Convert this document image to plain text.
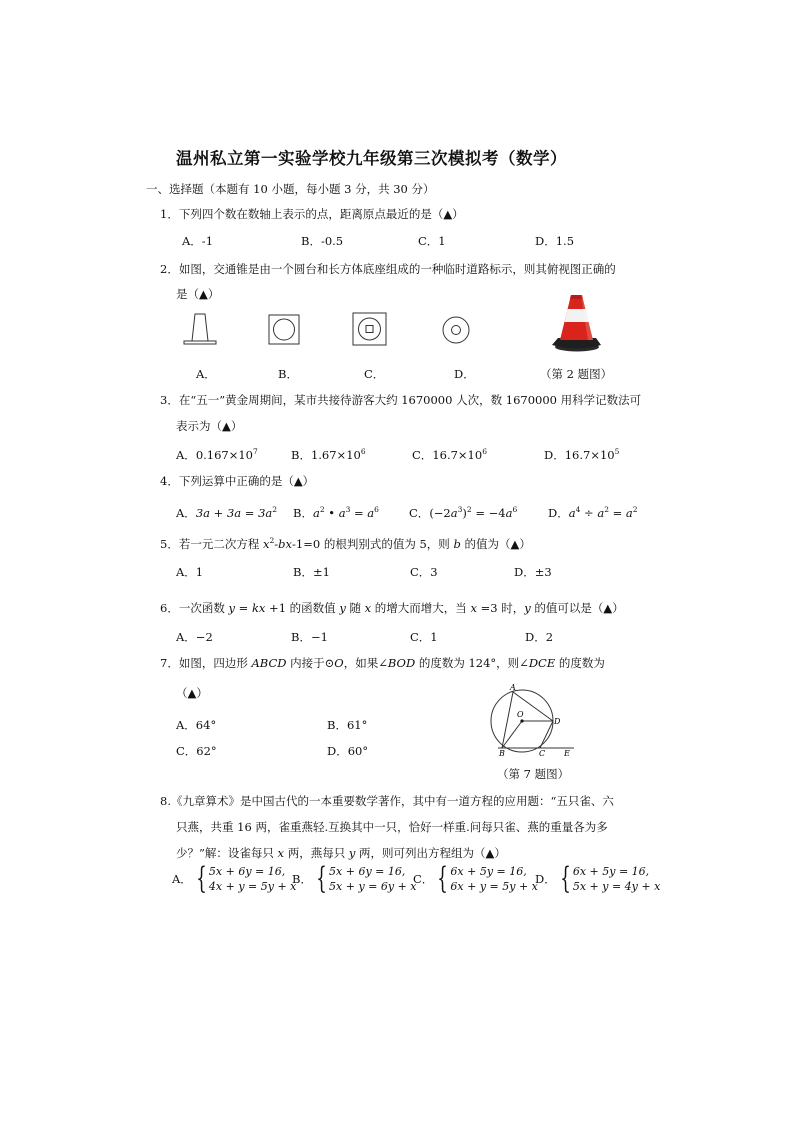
温州私立第一实验学校九年级第三次模拟考（数学）
一、选择题（本题有 10 小题，每小题 3 分，共 30 分）
1．下列四个数在数轴上表示的点，距离原点最近的是（▲）
A．-1	B．-0.5	C．1	D．1.5
2．如图，交通锥是由一个圆台和长方体底座组成的一种临时道路标示，则其俯视图正确的
是（▲）
A．	B．	C．	D．	（第 2 题图）
3．在“五一”黄金周期间，某市共接待游客大约 1670000 人次，数 1670000 用科学记数法可
表示为（▲）
A．$0.167\times 10^7$	B．$1.67\times 10^6$	C．$16.7\times 10^6$	D．$16.7\times 10^5$
4．下列运算中正确的是（▲）
A．$3a + 3a = 3a^2$ B．$a^2$ • $a^3 = a^6$	C．$(-2a^3)^2 = -4a^6$	D．$a^4 \div a^2 = a^2$
5．若一元二次方程 $x^2-bx-1=0$ 的根判别式的值为 5，则 b 的值为（▲）
A．1	B．±1	C．3	D．±3
6．一次函数 y = kx +1 的函数值 y 随 x 的增大而增大，当 x =3 时，y 的值可以是（▲）
A．−2	B．−1	C．1	D．2
7．如图，四边形 ABCD 内接于⊙O，如果∠BOD 的度数为 124°，则∠DCE 的度数为
（▲）
A．64°	B．61°
C．62°	D．60°
A
O
D
B	C E
（第 7 题图）
8.《九章算术》是中国古代的一本重要数学著作，其中有一道方程的应用题：“五只雀、六
只燕，共重 16 两，雀重燕轻.互换其中一只，恰好一样重.问每只雀、燕的重量各为多
少？”解：设雀每只 x 两，燕每只 y 两，则可列出方程组为（▲）
A． { 5x + 6y = 16,
4x + y = 5y + x
B． { 5x + 6y = 16,
5x + y = 6y + x
C． { 6x + 5y = 16,
6x + y = 5y + x
D． { 6x + 5y = 16,
5x + y = 4y + x
